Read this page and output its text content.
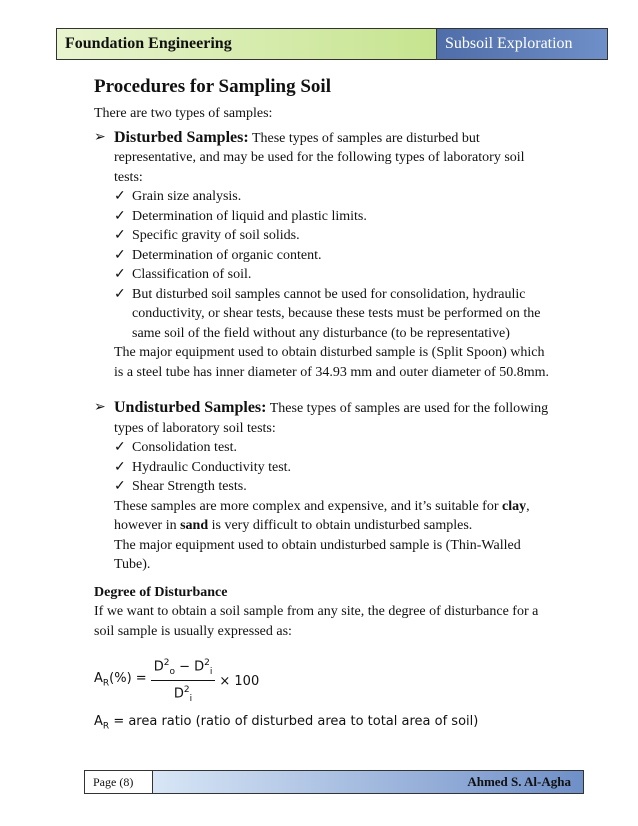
Foundation Engineering	Subsoil Exploration
Procedures for Sampling Soil

There are two types of samples:

➢ Disturbed Samples: These types of samples are disturbed but representative, and may be used for the following types of laboratory soil tests:

✓ Grain size analysis.
✓ Determination of liquid and plastic limits.
✓ Specific gravity of soil solids.
✓ Determination of organic content.
✓ Classification of soil.
✓ But disturbed soil samples cannot be used for consolidation, hydraulic conductivity, or shear tests, because these tests must be performed on the same soil of the field without any disturbance (to be representative)

The major equipment used to obtain disturbed sample is (Split Spoon) which is a steel tube has inner diameter of 34.93 mm and outer diameter of 50.8mm.

➢ Undisturbed Samples: These types of samples are used for the following types of laboratory soil tests:

✓ Consolidation test.
✓ Hydraulic Conductivity test.
✓ Shear Strength tests.

These samples are more complex and expensive, and it’s suitable for clay, however in sand is very difficult to obtain undisturbed samples.

The major equipment used to obtain undisturbed sample is (Thin-Walled Tube).

Degree of Disturbance

If we want to obtain a soil sample from any site, the degree of disturbance for a soil sample is usually expressed as:

$A_R(\%) = \frac{D^2_o - D^2_i}{D^2_i} \times 100$

$A_R$ = area ratio (ratio of disturbed area to total area of soil)

Page (8)	Ahmed S. Al-Agha
